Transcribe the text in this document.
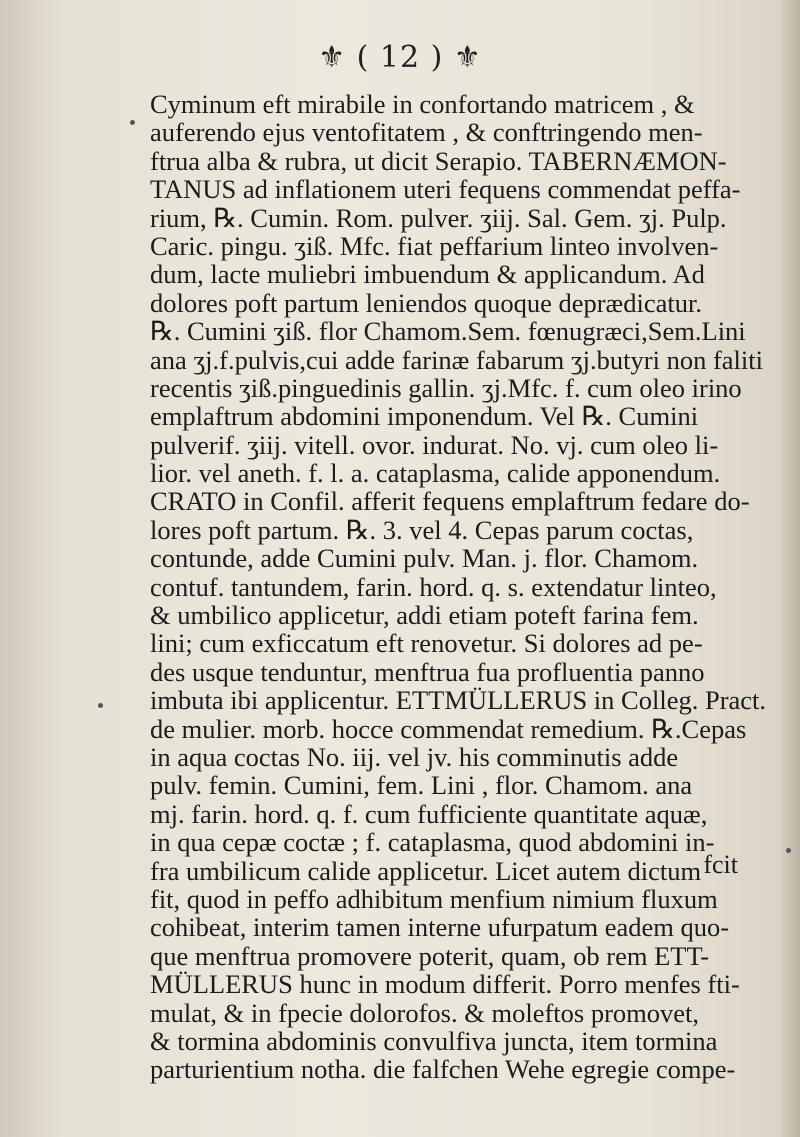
⚜ ( 12 ) ⚜
Cyminum eft mirabile in confortando matricem , &
auferendo ejus ventofitatem , & conftringendo men-
ftrua alba & rubra, ut dicit Serapio. TABERNÆMON-
TANUS ad inflationem uteri fequens commendat peffa-
rium, ℞. Cumin. Rom. pulver. ʒiij. Sal. Gem. ʒj. Pulp.
Caric. pingu. ʒiß. Mfc. fiat peffarium linteo involven-
dum, lacte muliebri imbuendum & applicandum. Ad
dolores poft partum leniendos quoque deprædicatur.
℞. Cumini ʒiß. flor Chamom.Sem. fœnugræci,Sem.Lini
ana ʒj.f.pulvis,cui adde farinæ fabarum ʒj.butyri non faliti
recentis ʒiß.pinguedinis gallin. ʒj.Mfc. f. cum oleo irino
emplaftrum abdomini imponendum. Vel ℞. Cumini
pulverif. ʒiij. vitell. ovor. indurat. No. vj. cum oleo li-
lior. vel aneth. f. l. a. cataplasma, calide apponendum.
CRATO in Confil. afferit fequens emplaftrum fedare do-
lores poft partum. ℞. 3. vel 4. Cepas parum coctas,
contunde, adde Cumini pulv. Man. j. flor. Chamom.
contuf. tantundem, farin. hord. q. s. extendatur linteo,
& umbilico applicetur, addi etiam poteft farina fem.
lini; cum exficcatum eft renovetur. Si dolores ad pe-
des usque tenduntur, menftrua fua profluentia panno
imbuta ibi applicentur. ETTMÜLLERUS in Colleg. Pract.
de mulier. morb. hocce commendat remedium. ℞.Cepas
in aqua coctas No. iij. vel jv. his comminutis adde
pulv. femin. Cumini, fem. Lini , flor. Chamom. ana
mj. farin. hord. q. f. cum fufficiente quantitate aquæ,
in qua cepæ coctæ ; f. cataplasma, quod abdomini in-
fra umbilicum calide applicetur. Licet autem dictum
fit, quod in peffo adhibitum menfium nimium fluxum
cohibeat, interim tamen interne ufurpatum eadem quo-
que menftrua promovere poterit, quam, ob rem ETT-
MÜLLERUS hunc in modum differit. Porro menfes fti-
mulat, & in fpecie dolorofos. & moleftos promovet,
& tormina abdominis convulfiva juncta, item tormina
parturientium notha. die falfchen Wehe egregie compe-
fcit
